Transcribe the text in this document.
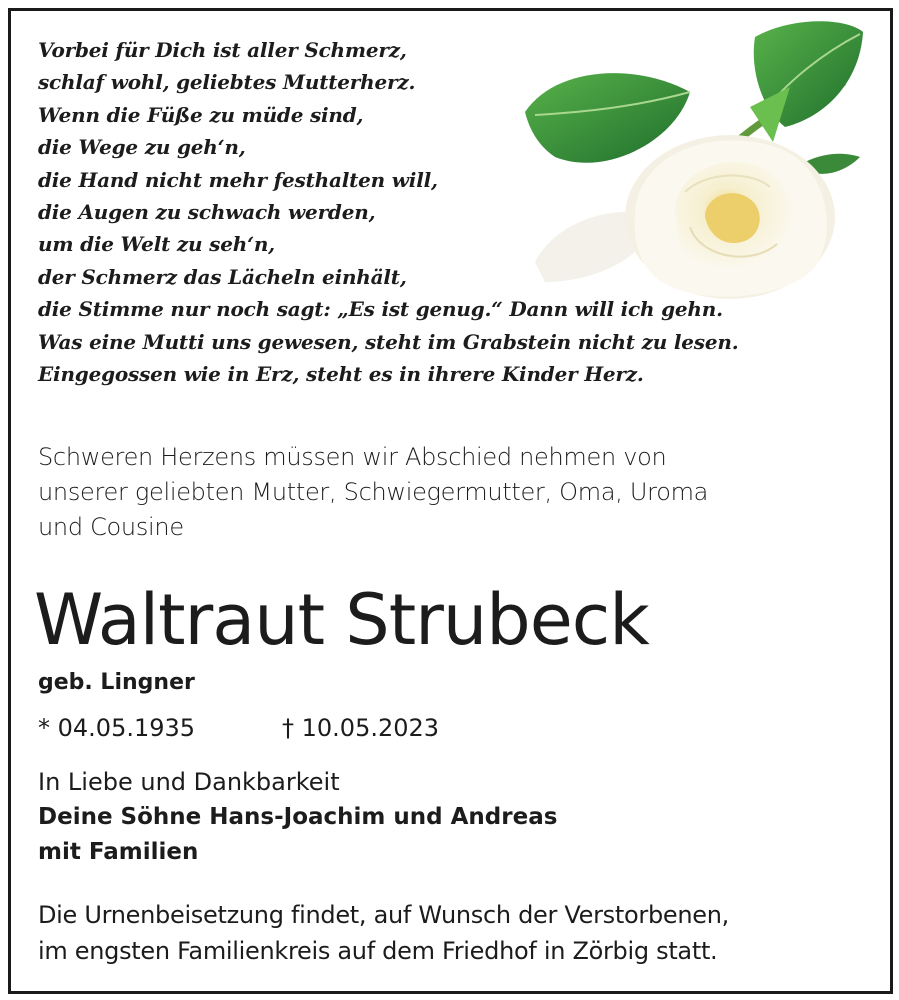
Vorbei für Dich ist aller Schmerz,
schlaf wohl, geliebtes Mutterherz.
Wenn die Füße zu müde sind,
die Wege zu geh‘n,
die Hand nicht mehr festhalten will,
die Augen zu schwach werden,
um die Welt zu seh‘n,
der Schmerz das Lächeln einhält,
die Stimme nur noch sagt: „Es ist genug.“ Dann will ich gehn.
Was eine Mutti uns gewesen, steht im Grabstein nicht zu lesen.
Eingegossen wie in Erz, steht es in ihrere Kinder Herz.
Schweren Herzens müssen wir Abschied nehmen von
unserer geliebten Mutter, Schwiegermutter, Oma, Uroma
und Cousine
Waltraut Strubeck
geb. Lingner
* 04.05.1935	† 10.05.2023
In Liebe und Dankbarkeit
Deine Söhne Hans-Joachim und Andreas
mit Familien
Die Urnenbeisetzung findet, auf Wunsch der Verstorbenen,
im engsten Familienkreis auf dem Friedhof in Zörbig statt.
